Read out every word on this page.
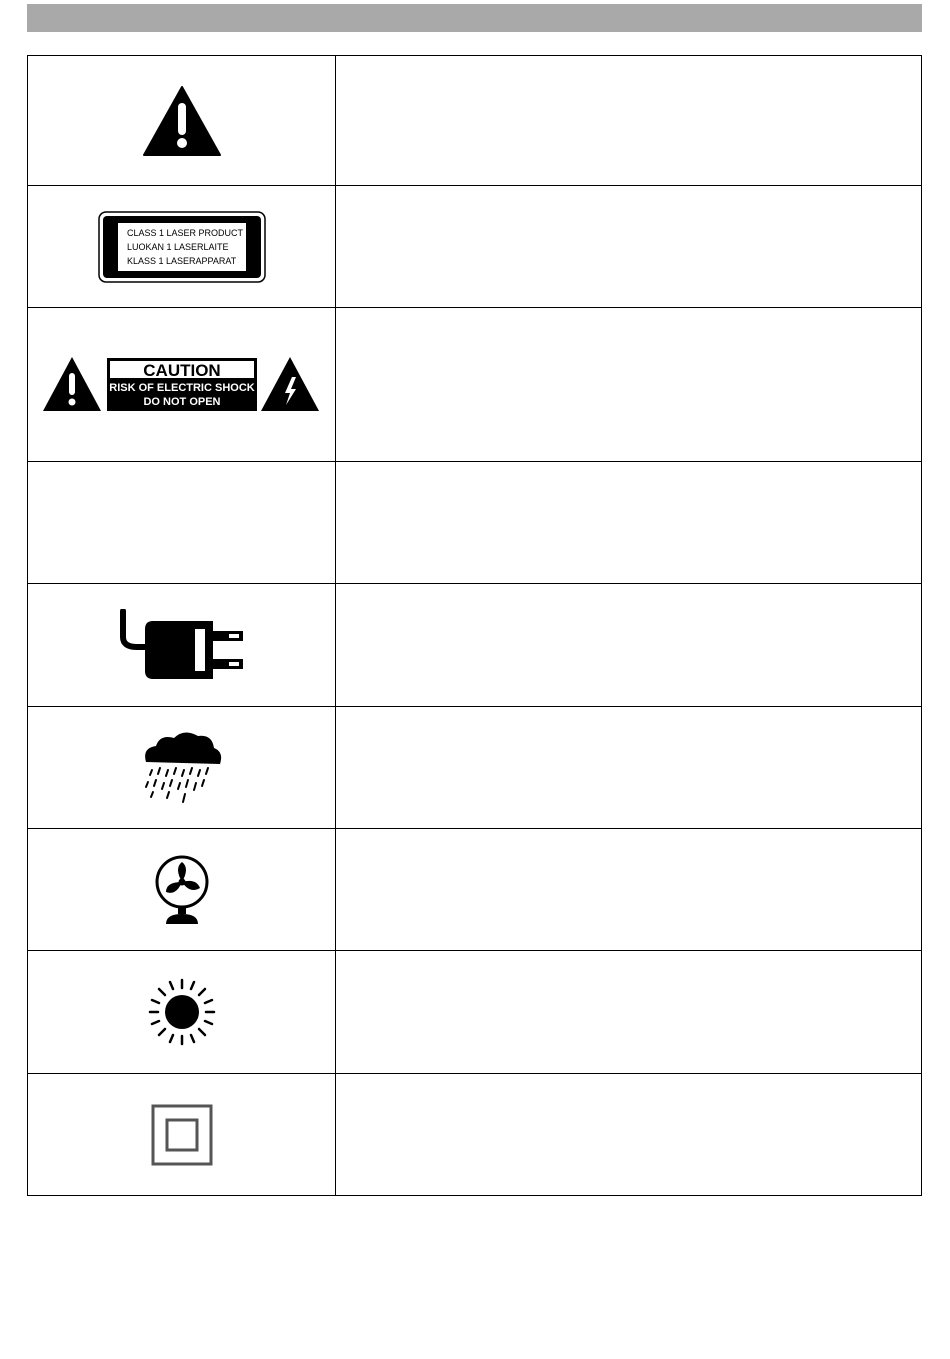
CLASS 1 LASER PRODUCT
LUOKAN 1 LASERLAITE
KLASS 1 LASERAPPARAT	

CAUTION
RISK OF ELECTRIC SHOCK
DO NOT OPEN	
